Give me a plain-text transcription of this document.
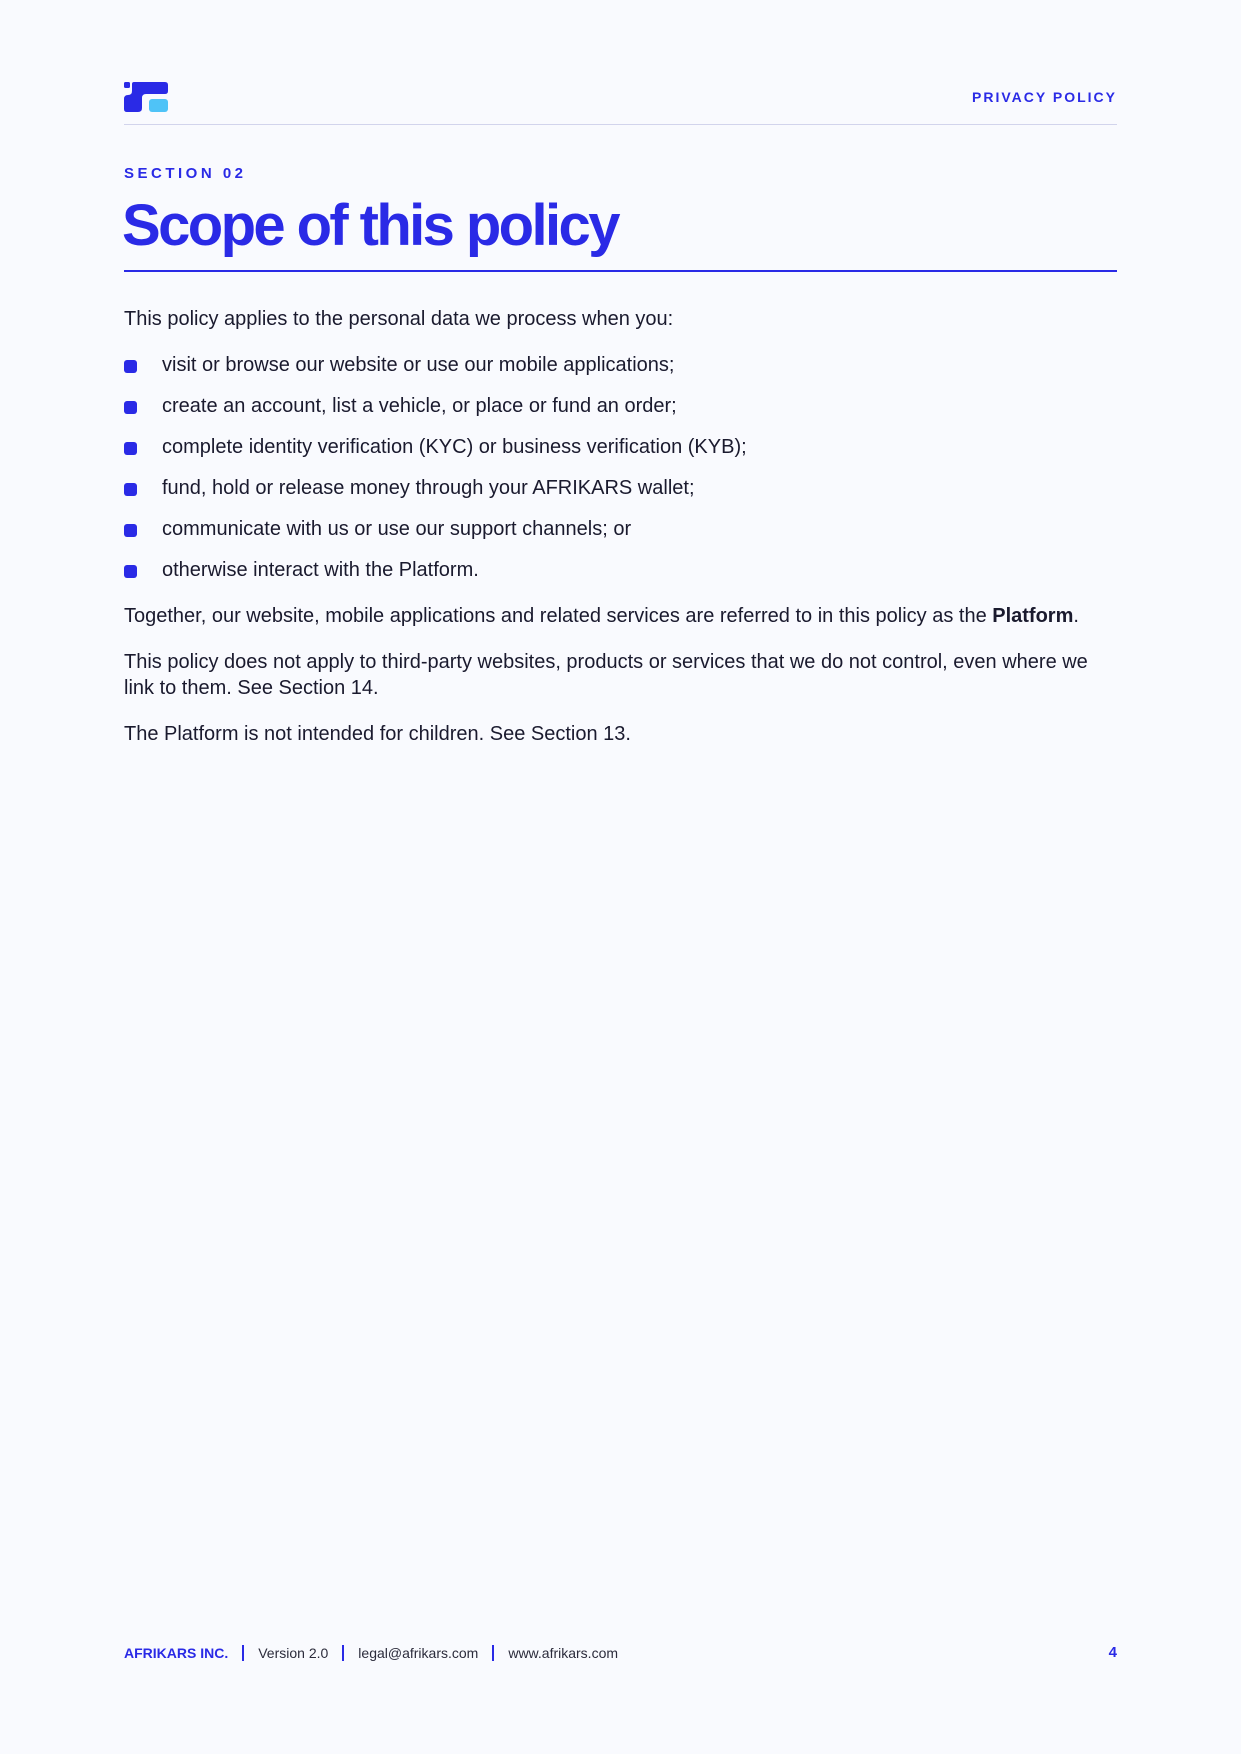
PRIVACY POLICY
SECTION 02
Scope of this policy

This policy applies to the personal data we process when you:

visit or browse our website or use our mobile applications;
create an account, list a vehicle, or place or fund an order;
complete identity verification (KYC) or business verification (KYB);
fund, hold or release money through your AFRIKARS wallet;
communicate with us or use our support channels; or
otherwise interact with the Platform.

Together, our website, mobile applications and related services are referred to in this policy as the Platform.

This policy does not apply to third-party websites, products or services that we do not control, even where we link to them. See Section 14.

The Platform is not intended for children. See Section 13.

AFRIKARS INC. Version 2.0 legal@afrikars.com www.afrikars.com	4
